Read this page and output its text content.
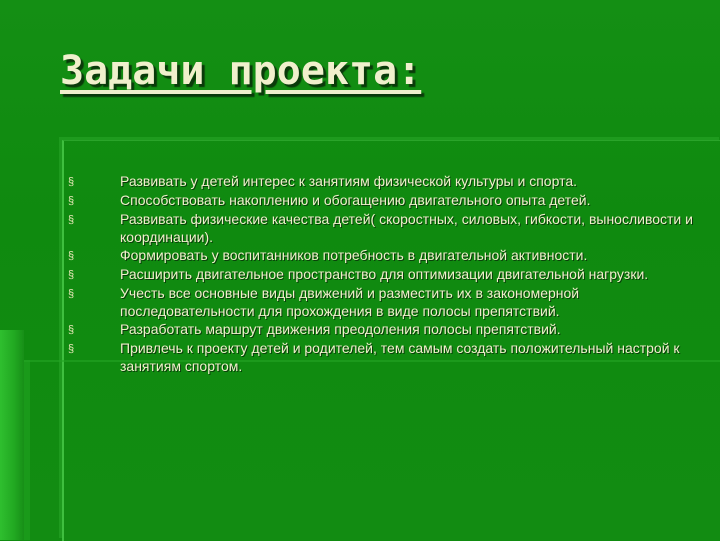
Задачи проекта:
§	Развивать у детей интерес к занятиям физической культуры и спорта.
§	Способствовать накоплению и обогащению двигательного опыта детей.
§	Развивать физические качества детей( скоростных, силовых, гибкости, выносливости и координации).
§	Формировать у воспитанников потребность в двигательной активности.
§	Расширить двигательное пространство для оптимизации двигательной нагрузки.
§	Учесть все основные виды движений и разместить их в закономерной последовательности для прохождения в виде полосы препятствий.
§	Разработать маршрут движения преодоления полосы препятствий.
§	Привлечь к проекту детей и родителей, тем самым создать положительный настрой к занятиям спортом.
